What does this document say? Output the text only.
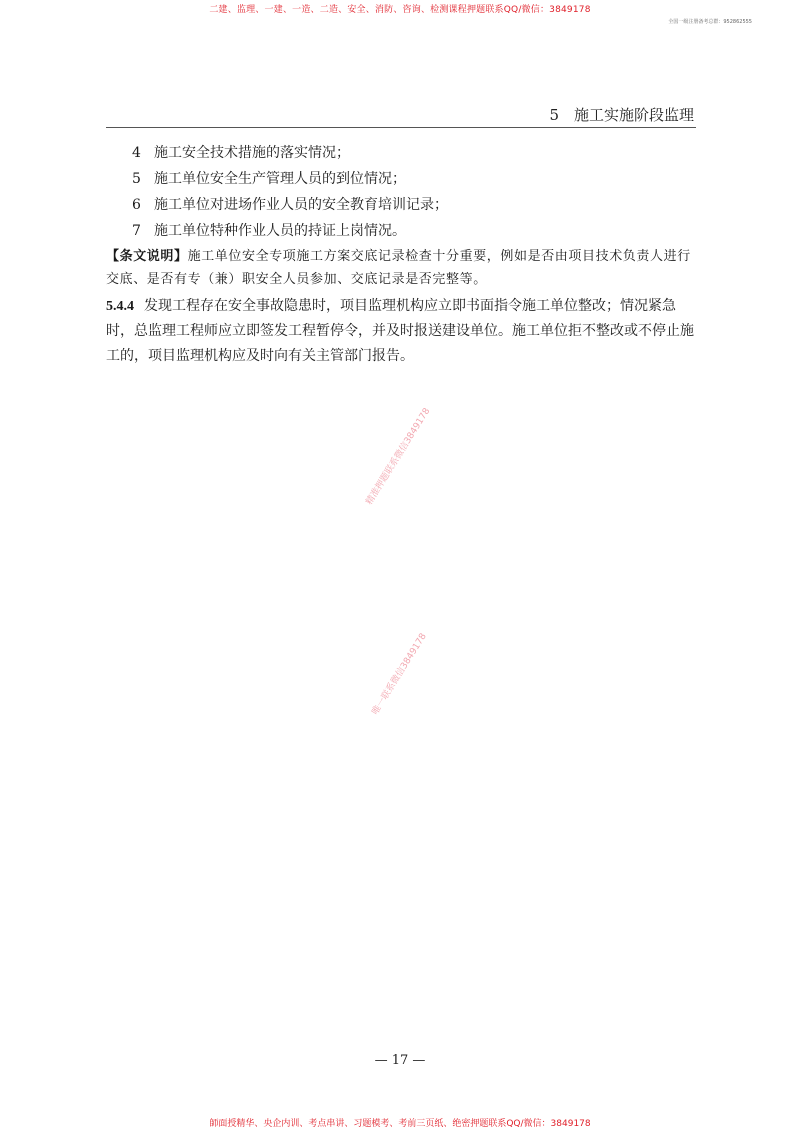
二建、监理、一建、一造、二造、安全、消防、咨询、检测课程押题联系QQ/微信：3849178
全国一级注册备考总群：952862555
5　施工实施阶段监理
4 施工安全技术措施的落实情况；
5 施工单位安全生产管理人员的到位情况；
6 施工单位对进场作业人员的安全教育培训记录；
7 施工单位特种作业人员的持证上岗情况。
【条文说明】施工单位安全专项施工方案交底记录检查十分重要，例如是否由项目技术负责人进行交底、是否有专（兼）职安全人员参加、交底记录是否完整等。
5.4.4 发现工程存在安全事故隐患时，项目监理机构应立即书面指令施工单位整改；情况紧急时，总监理工程师应立即签发工程暂停令，并及时报送建设单位。施工单位拒不整改或不停止施工的，项目监理机构应及时向有关主管部门报告。
精准押题联系微信3849178
唯一联系微信3849178
— 17 —
師面授精华、央企内训、考点串讲、习题模考、考前三页纸、绝密押题联系QQ/微信：3849178
